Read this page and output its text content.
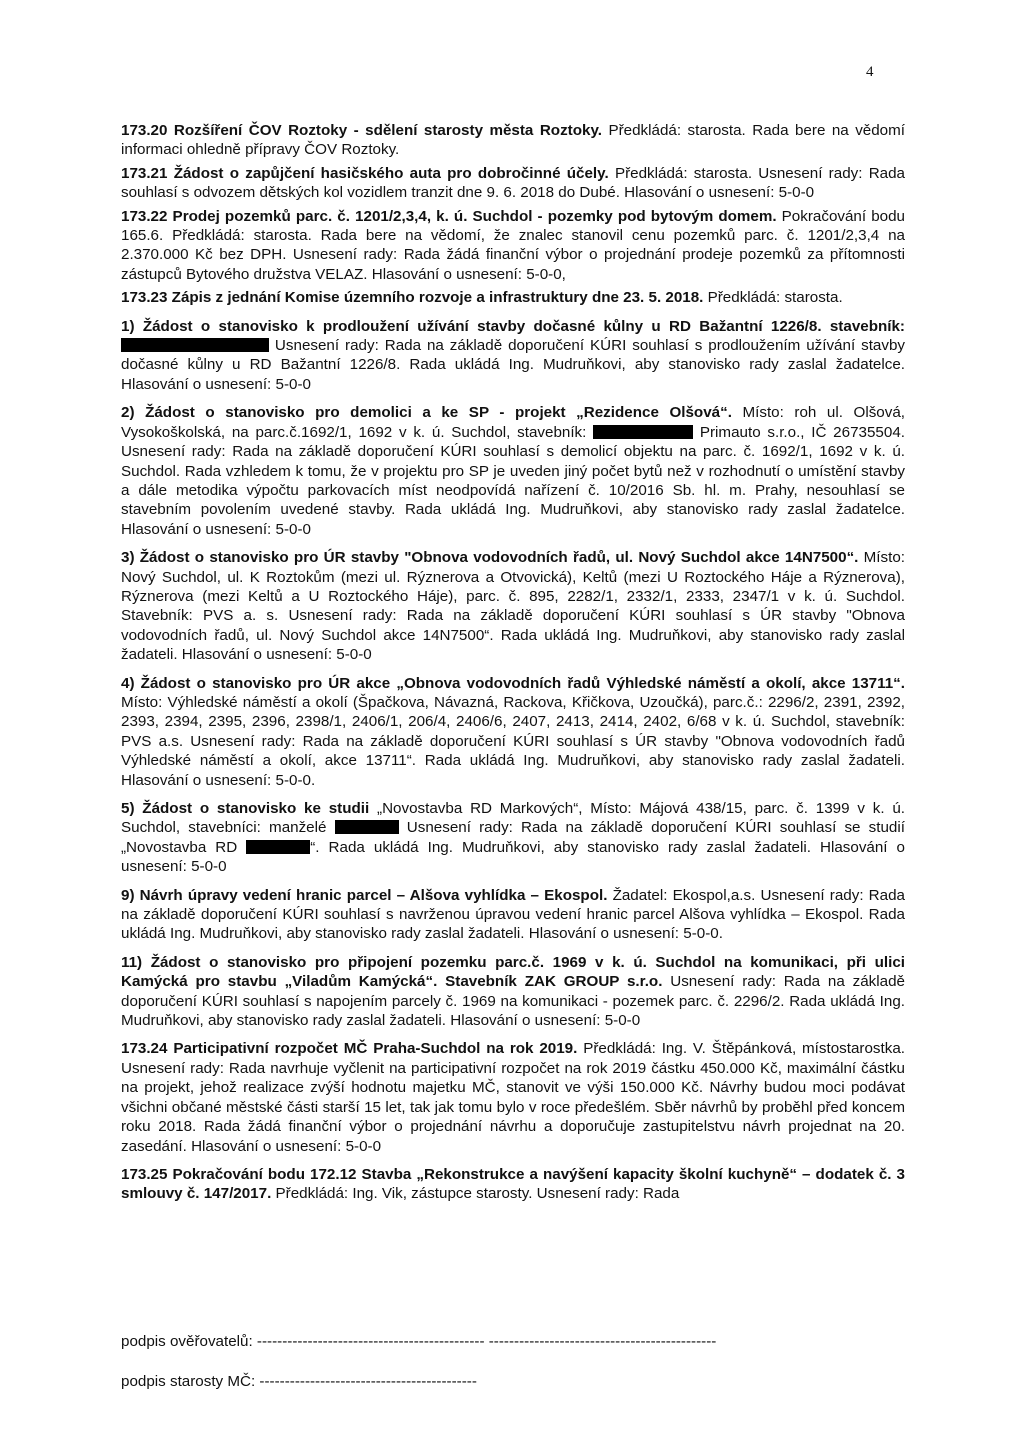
4

173.20 Rozšíření ČOV Roztoky - sdělení starosty města Roztoky. Předkládá: starosta. Rada bere na vědomí informaci ohledně přípravy ČOV Roztoky.

173.21 Žádost o zapůjčení hasičského auta pro dobročinné účely. Předkládá: starosta. Usnesení rady: Rada souhlasí s odvozem dětských kol vozidlem tranzit dne 9. 6. 2018 do Dubé. Hlasování o usnesení: 5-0-0

173.22 Prodej pozemků parc. č. 1201/2,3,4, k. ú. Suchdol - pozemky pod bytovým domem. Pokračování bodu 165.6. Předkládá: starosta. Rada bere na vědomí, že znalec stanovil cenu pozemků parc. č. 1201/2,3,4 na 2.370.000 Kč bez DPH. Usnesení rady: Rada žádá finanční výbor o projednání prodeje pozemků za přítomnosti zástupců Bytového družstva VELAZ. Hlasování o usnesení: 5-0-0,

173.23 Zápis z jednání Komise územního rozvoje a infrastruktury dne 23. 5. 2018. Předkládá: starosta.

1) Žádost o stanovisko k prodloužení užívání stavby dočasné kůlny u RD Bažantní 1226/8. stavebník:  Usnesení rady: Rada na základě doporučení KÚRI souhlasí s prodloužením užívání stavby dočasné kůlny u RD Bažantní 1226/8. Rada ukládá Ing. Mudruňkovi, aby stanovisko rady zaslal žadatelce. Hlasování o usnesení: 5-0-0

2) Žádost o stanovisko pro demolici a ke SP - projekt „Rezidence Olšová“. Místo: roh ul. Olšová, Vysokoškolská, na parc.č.1692/1, 1692 v k. ú. Suchdol, stavebník:	Primauto s.r.o., IČ 26735504. Usnesení rady: Rada na základě doporučení KÚRI souhlasí s demolicí objektu na parc. č. 1692/1, 1692 v k. ú. Suchdol. Rada vzhledem k tomu, že v projektu pro SP je uveden jiný počet bytů než v rozhodnutí o umístění stavby a dále metodika výpočtu parkovacích míst neodpovídá nařízení č. 10/2016 Sb. hl. m. Prahy, nesouhlasí se stavebním povolením uvedené stavby. Rada ukládá Ing. Mudruňkovi, aby stanovisko rady zaslal žadatelce. Hlasování o usnesení: 5-0-0

3) Žádost o stanovisko pro ÚR stavby "Obnova vodovodních řadů, ul. Nový Suchdol akce 14N7500“. Místo: Nový Suchdol, ul. K Roztokům (mezi ul. Rýznerova a Otvovická), Keltů (mezi U Roztockého Háje a Rýznerova), Rýznerova (mezi Keltů a U Roztockého Háje), parc. č. 895, 2282/1, 2332/1, 2333, 2347/1 v k. ú. Suchdol. Stavebník: PVS a. s. Usnesení rady: Rada na základě doporučení KÚRI souhlasí s ÚR stavby "Obnova vodovodních řadů, ul. Nový Suchdol akce 14N7500“. Rada ukládá Ing. Mudruňkovi, aby stanovisko rady zaslal žadateli. Hlasování o usnesení: 5-0-0

4) Žádost o stanovisko pro ÚR akce „Obnova vodovodních řadů Výhledské náměstí a okolí, akce 13711“. Místo: Výhledské náměstí a okolí (Špačkova, Návazná, Rackova, Křičkova, Uzoučká), parc.č.: 2296/2, 2391, 2392, 2393, 2394, 2395, 2396, 2398/1, 2406/1, 206/4, 2406/6, 2407, 2413, 2414, 2402, 6/68 v k. ú. Suchdol, stavebník: PVS a.s. Usnesení rady: Rada na základě doporučení KÚRI souhlasí s ÚR stavby "Obnova vodovodních řadů Výhledské náměstí a okolí, akce 13711“. Rada ukládá Ing. Mudruňkovi, aby stanovisko rady zaslal žadateli. Hlasování o usnesení: 5-0-0.

5) Žádost o stanovisko ke studii „Novostavba RD Markových“, Místo: Májová 438/15, parc. č. 1399 v k. ú. Suchdol, stavebníci: manželé	Usnesení rady: Rada na základě doporučení KÚRI souhlasí se studií „Novostavba RD	“. Rada ukládá Ing. Mudruňkovi, aby stanovisko rady zaslal žadateli. Hlasování o usnesení: 5-0-0

9) Návrh úpravy vedení hranic parcel – Alšova vyhlídka – Ekospol. Žadatel: Ekospol,a.s. Usnesení rady: Rada na základě doporučení KÚRI souhlasí s navrženou úpravou vedení hranic parcel Alšova vyhlídka – Ekospol. Rada ukládá Ing. Mudruňkovi, aby stanovisko rady zaslal žadateli. Hlasování o usnesení: 5-0-0.

11) Žádost o stanovisko pro připojení pozemku parc.č. 1969 v k. ú. Suchdol na komunikaci, při ulici Kamýcká pro stavbu „Viladům Kamýcká“. Stavebník ZAK GROUP s.r.o. Usnesení rady: Rada na základě doporučení KÚRI souhlasí s napojením parcely č. 1969 na komunikaci - pozemek parc. č. 2296/2. Rada ukládá Ing. Mudruňkovi, aby stanovisko rady zaslal žadateli. Hlasování o usnesení: 5-0-0

173.24 Participativní rozpočet MČ Praha-Suchdol na rok 2019. Předkládá: Ing. V. Štěpánková, místostarostka. Usnesení rady: Rada navrhuje vyčlenit na participativní rozpočet na rok 2019 částku 450.000 Kč, maximální částku na projekt, jehož realizace zvýší hodnotu majetku MČ, stanovit ve výši 150.000 Kč. Návrhy budou moci podávat všichni občané městské části starší 15 let, tak jak tomu bylo v roce předešlém. Sběr návrhů by proběhl před koncem roku 2018. Rada žádá finanční výbor o projednání návrhu a doporučuje zastupitelstvu návrh projednat na 20. zasedání. Hlasování o usnesení: 5-0-0

173.25 Pokračování bodu 172.12 Stavba „Rekonstrukce a navýšení kapacity školní kuchyně“ – dodatek č. 3 smlouvy č. 147/2017. Předkládá: Ing. Vik, zástupce starosty. Usnesení rady: Rada

podpis ověřovatelů: --------------------------------------------- ---------------------------------------------
podpis starosty MČ: -------------------------------------------
